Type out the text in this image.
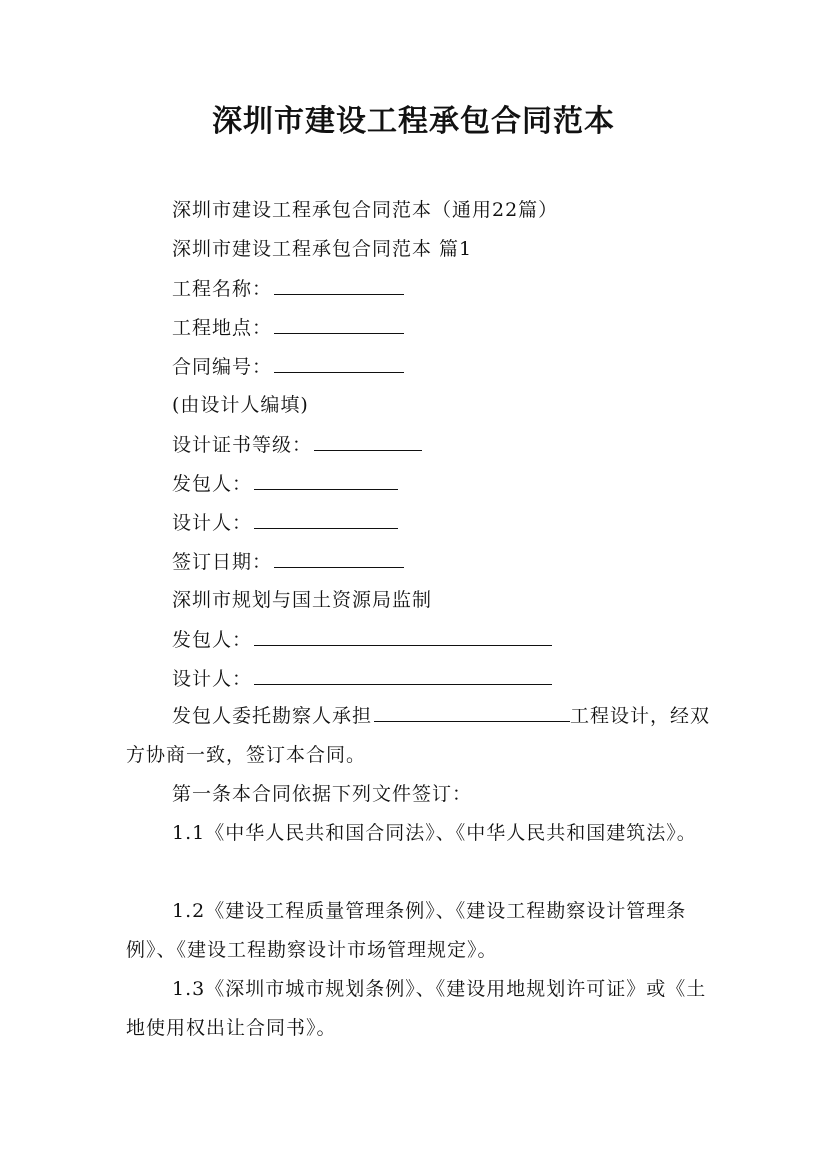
深圳市建设工程承包合同范本
深圳市建设工程承包合同范本（通用22篇）
深圳市建设工程承包合同范本 篇1
工程名称：
工程地点：
合同编号：
(由设计人编填)
设计证书等级：
发包人：
设计人：
签订日期：
深圳市规划与国土资源局监制
发包人：
设计人：
发包人委托勘察人承担	工程设计，经双方协商一致，签订本合同。
第一条本合同依据下列文件签订：
1.1《中华人民共和国合同法》、《中华人民共和国建筑法》。
1.2《建设工程质量管理条例》、《建设工程勘察设计管理条例》、《建设工程勘察设计市场管理规定》。
1.3《深圳市城市规划条例》、《建设用地规划许可证》或《土地使用权出让合同书》。
